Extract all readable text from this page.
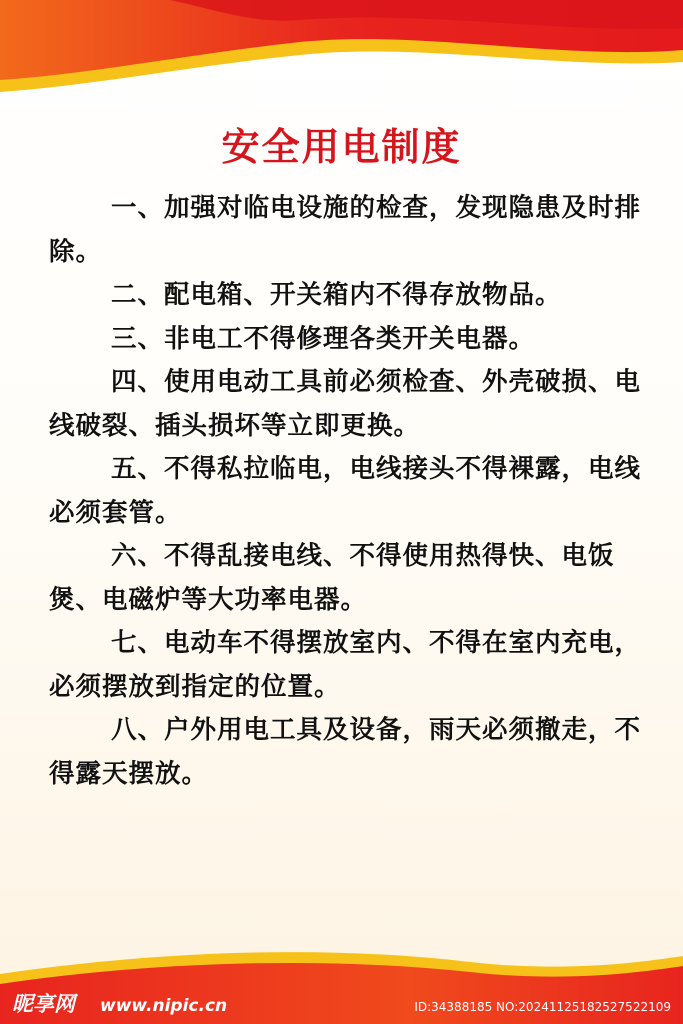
安全用电制度

一、加强对临电设施的检查，发现隐患及时排除。

二、配电箱、开关箱内不得存放物品。

三、非电工不得修理各类开关电器。

四、使用电动工具前必须检查、外壳破损、电线破裂、插头损坏等立即更换。

五、不得私拉临电，电线接头不得裸露，电线必须套管。

六、不得乱接电线、不得使用热得快、电饭煲、电磁炉等大功率电器。

七、电动车不得摆放室内、不得在室内充电，必须摆放到指定的位置。

八、户外用电工具及设备，雨天必须撤走，不得露天摆放。

昵享网 www.nipic.cn	ID:34388185 NO:20241125182527522109
